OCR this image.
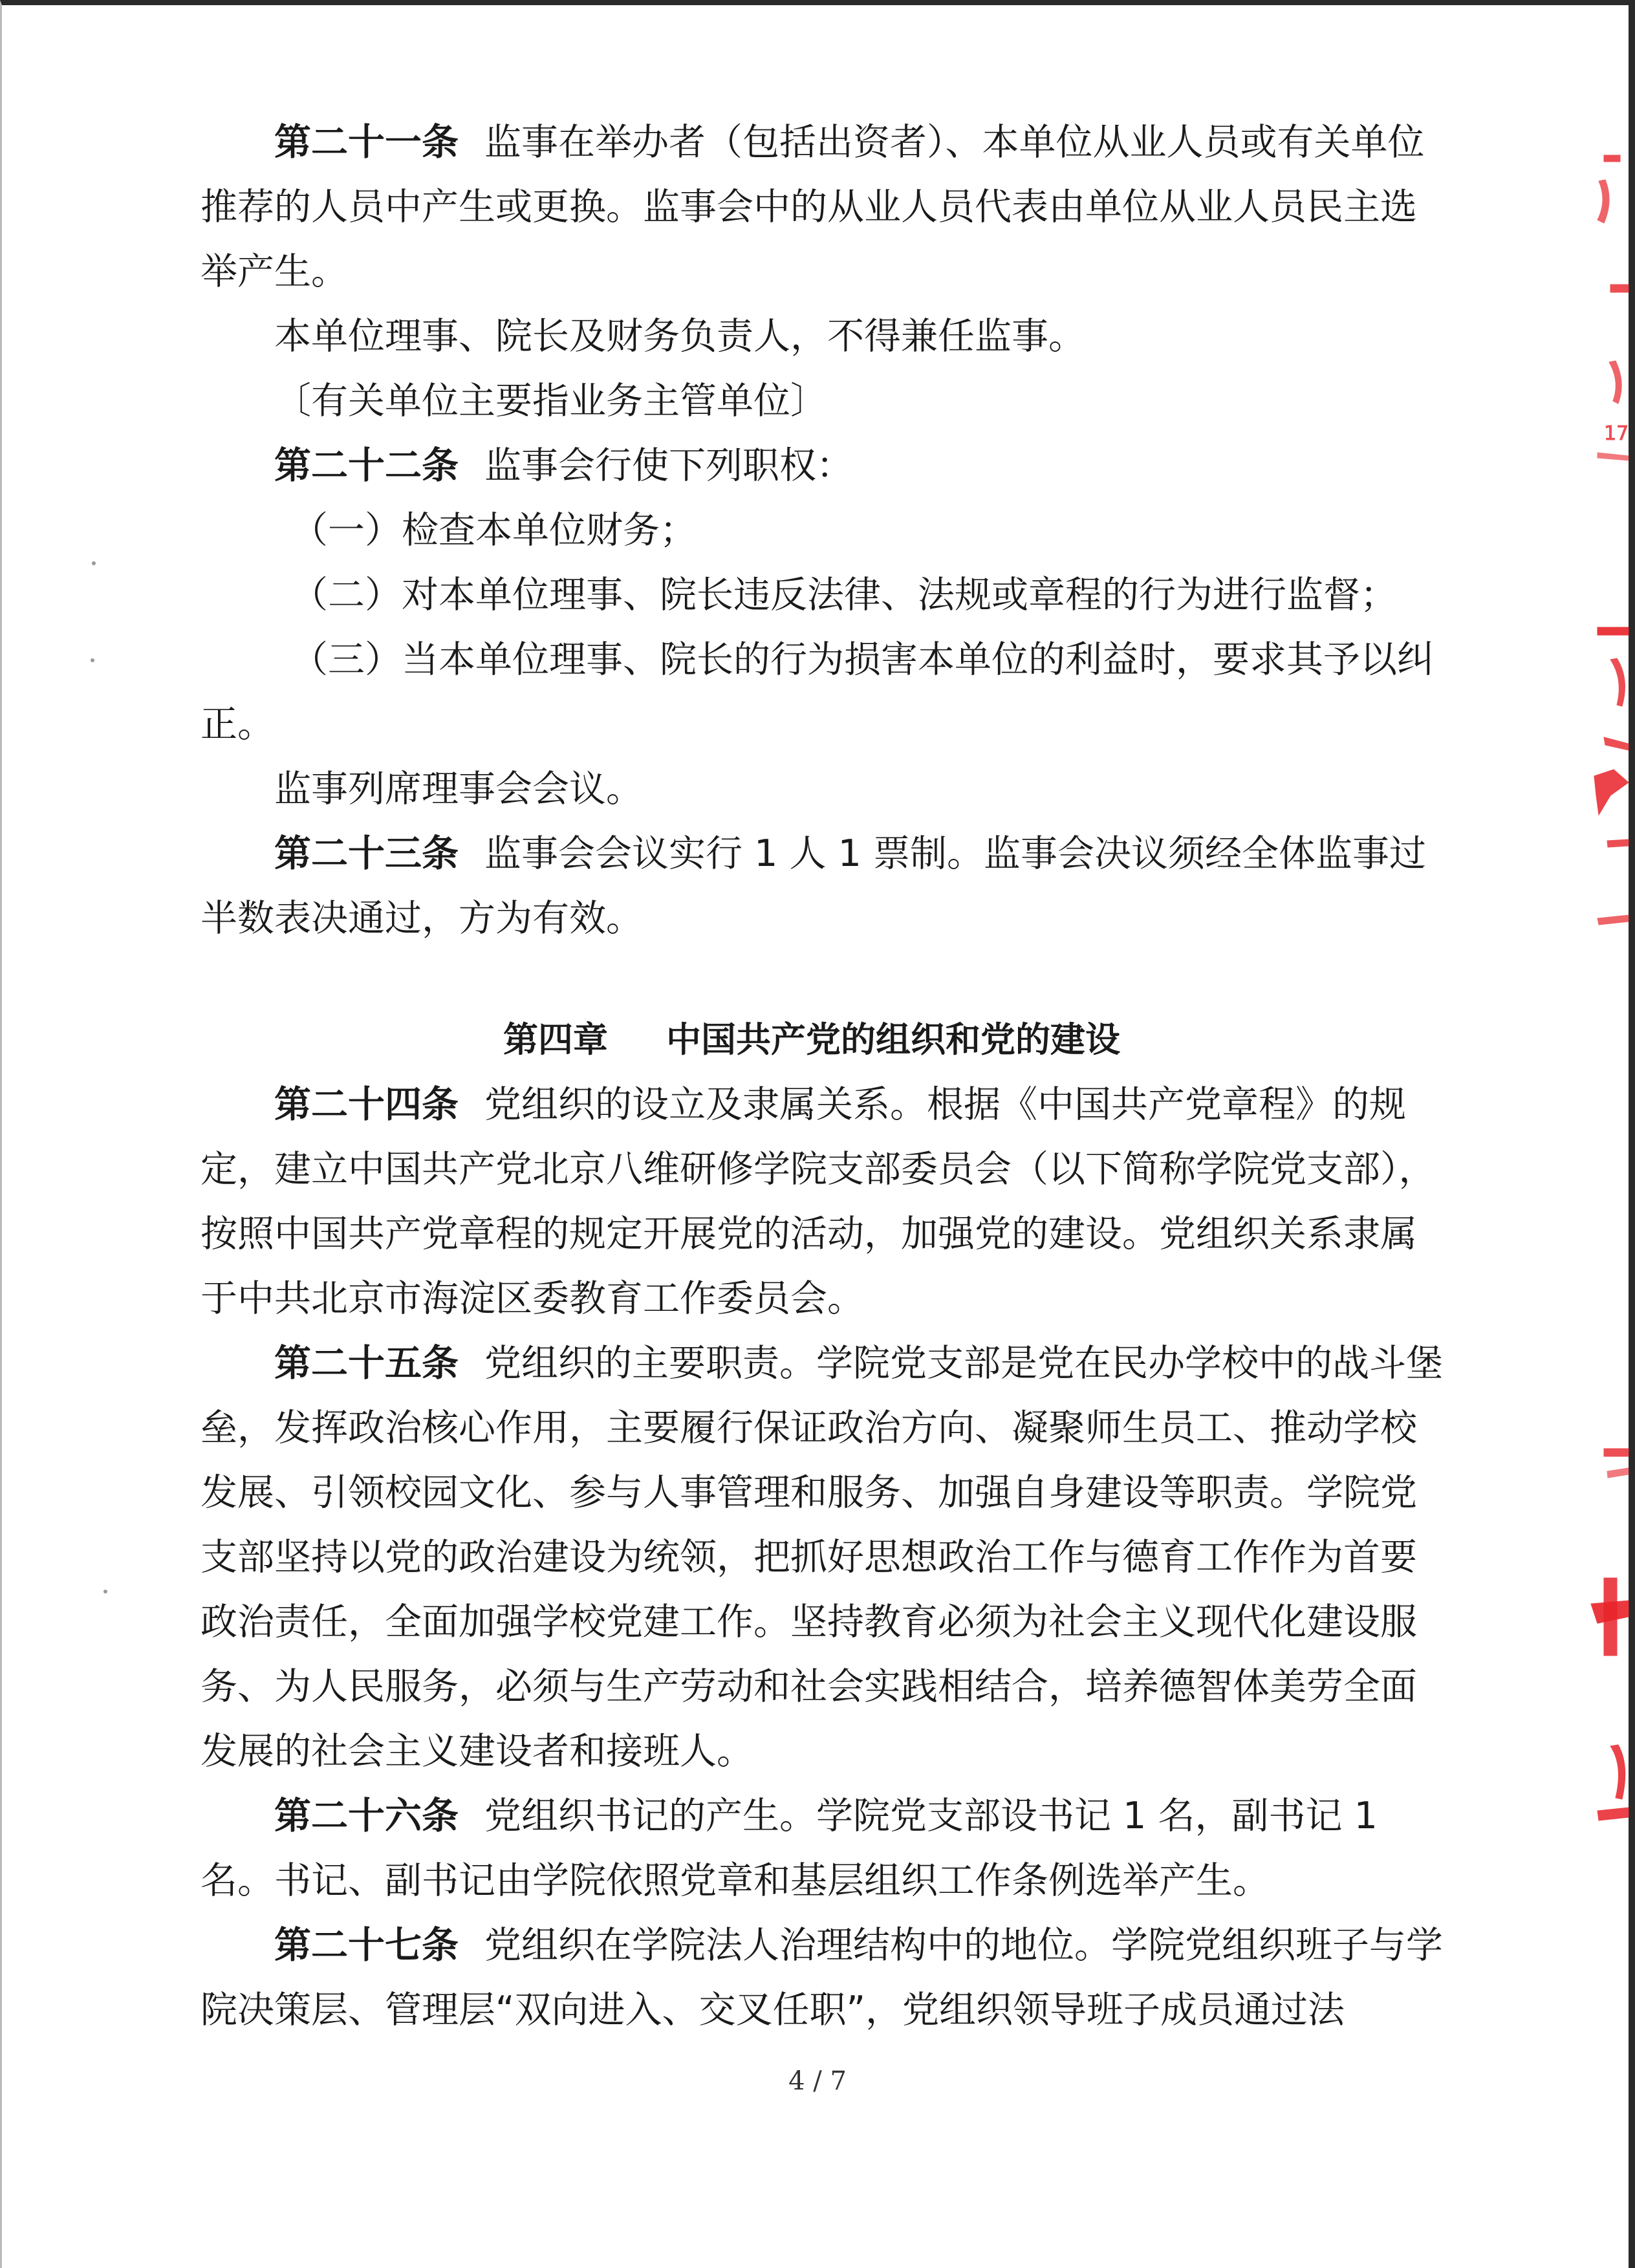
17

第二十一条 监事在举办者（包括出资者）、本单位从业人员或有关单位推荐的人员中产生或更换。监事会中的从业人员代表由单位从业人员民主选举产生。

本单位理事、院长及财务负责人，不得兼任监事。

〔有关单位主要指业务主管单位〕

第二十二条 监事会行使下列职权：

（一）检查本单位财务；

（二）对本单位理事、院长违反法律、法规或章程的行为进行监督；

（三）当本单位理事、院长的行为损害本单位的利益时，要求其予以纠正。

监事列席理事会会议。

第二十三条 监事会会议实行 1 人 1 票制。监事会决议须经全体监事过半数表决通过，方为有效。

第四章 中国共产党的组织和党的建设

第二十四条 党组织的设立及隶属关系。根据《中国共产党章程》的规定，建立中国共产党北京八维研修学院支部委员会（以下简称学院党支部），按照中国共产党章程的规定开展党的活动，加强党的建设。党组织关系隶属于中共北京市海淀区委教育工作委员会。

第二十五条 党组织的主要职责。学院党支部是党在民办学校中的战斗堡垒，发挥政治核心作用，主要履行保证政治方向、凝聚师生员工、推动学校发展、引领校园文化、参与人事管理和服务、加强自身建设等职责。学院党支部坚持以党的政治建设为统领，把抓好思想政治工作与德育工作作为首要政治责任，全面加强学校党建工作。坚持教育必须为社会主义现代化建设服务、为人民服务，必须与生产劳动和社会实践相结合，培养德智体美劳全面发展的社会主义建设者和接班人。

第二十六条 党组织书记的产生。学院党支部设书记 1 名，副书记 1 名。书记、副书记由学院依照党章和基层组织工作条例选举产生。

第二十七条 党组织在学院法人治理结构中的地位。学院党组织班子与学院决策层、管理层“双向进入、交叉任职”，党组织领导班子成员通过法

4 / 7
